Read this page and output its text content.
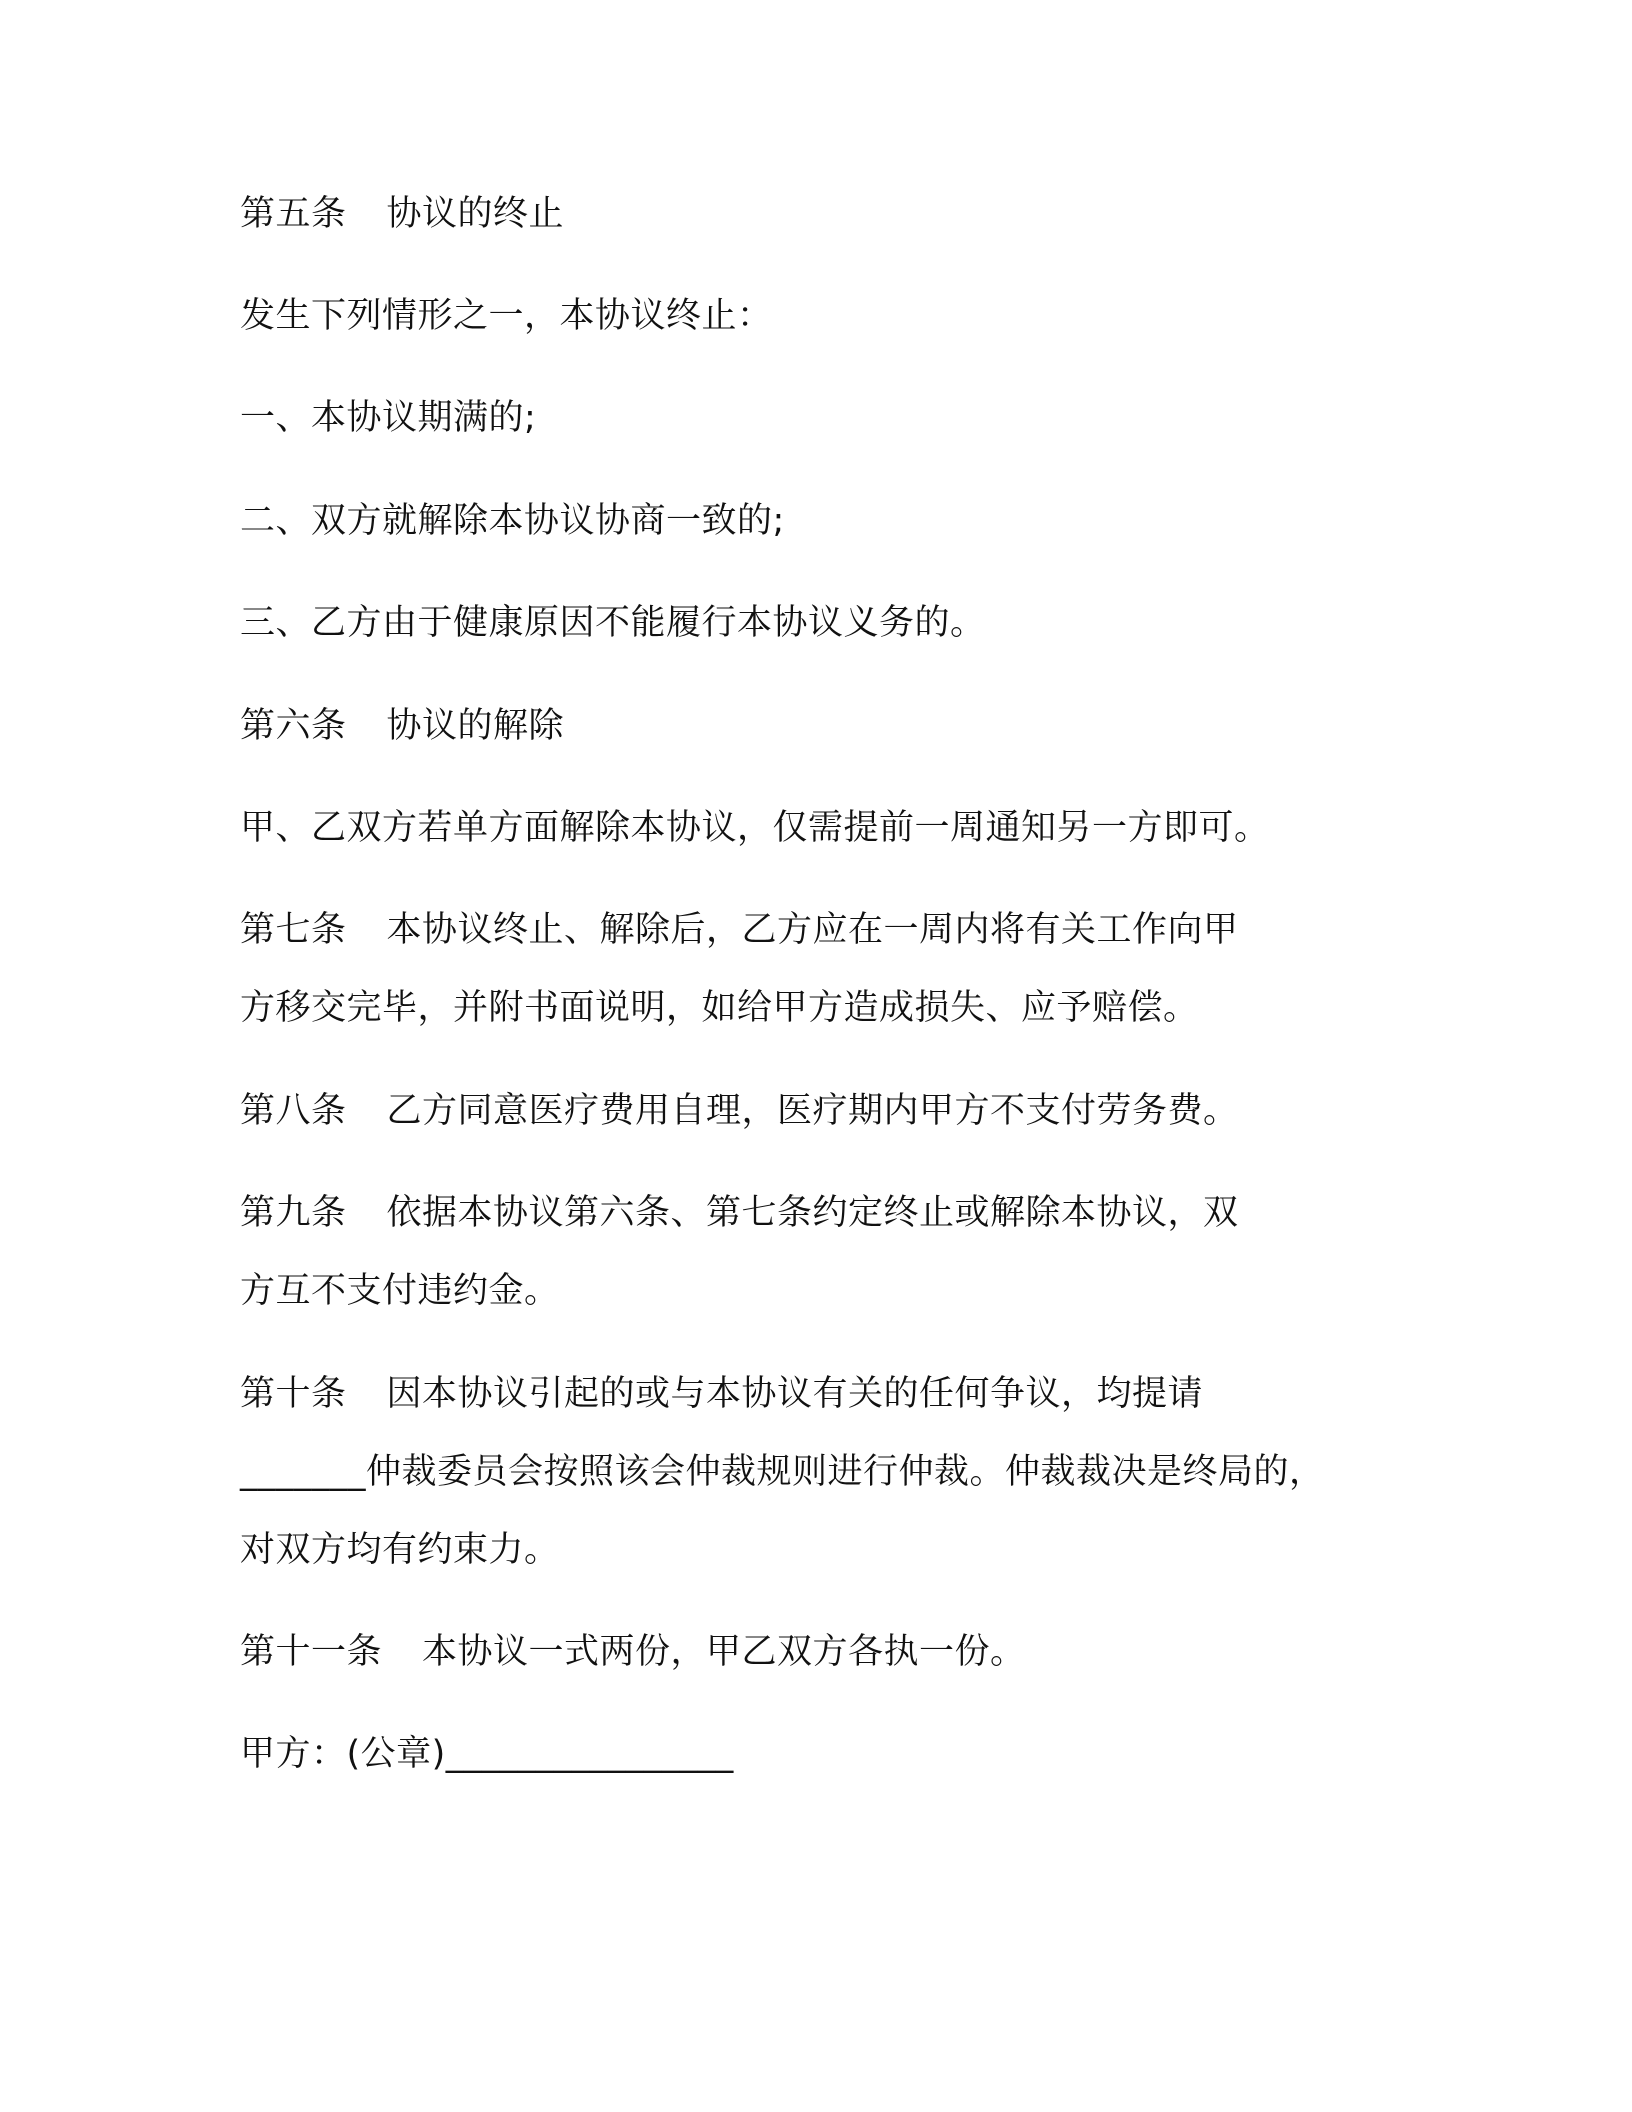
第五条 协议的终止
发生下列情形之一，本协议终止：
一、本协议期满的;
二、双方就解除本协议协商一致的;
三、乙方由于健康原因不能履行本协议义务的。
第六条 协议的解除
甲、乙双方若单方面解除本协议，仅需提前一周通知另一方即可。
第七条 本协议终止、解除后，乙方应在一周内将有关工作向甲
方移交完毕，并附书面说明，如给甲方造成损失、应予赔偿。
第八条 乙方同意医疗费用自理，医疗期内甲方不支付劳务费。
第九条 依据本协议第六条、第七条约定终止或解除本协议，双
方互不支付违约金。
第十条 因本协议引起的或与本协议有关的任何争议，均提请
_______仲裁委员会按照该会仲裁规则进行仲裁。仲裁裁决是终局的，
对双方均有约束力。
第十一条 本协议一式两份，甲乙双方各执一份。
甲方：(公章)________________
